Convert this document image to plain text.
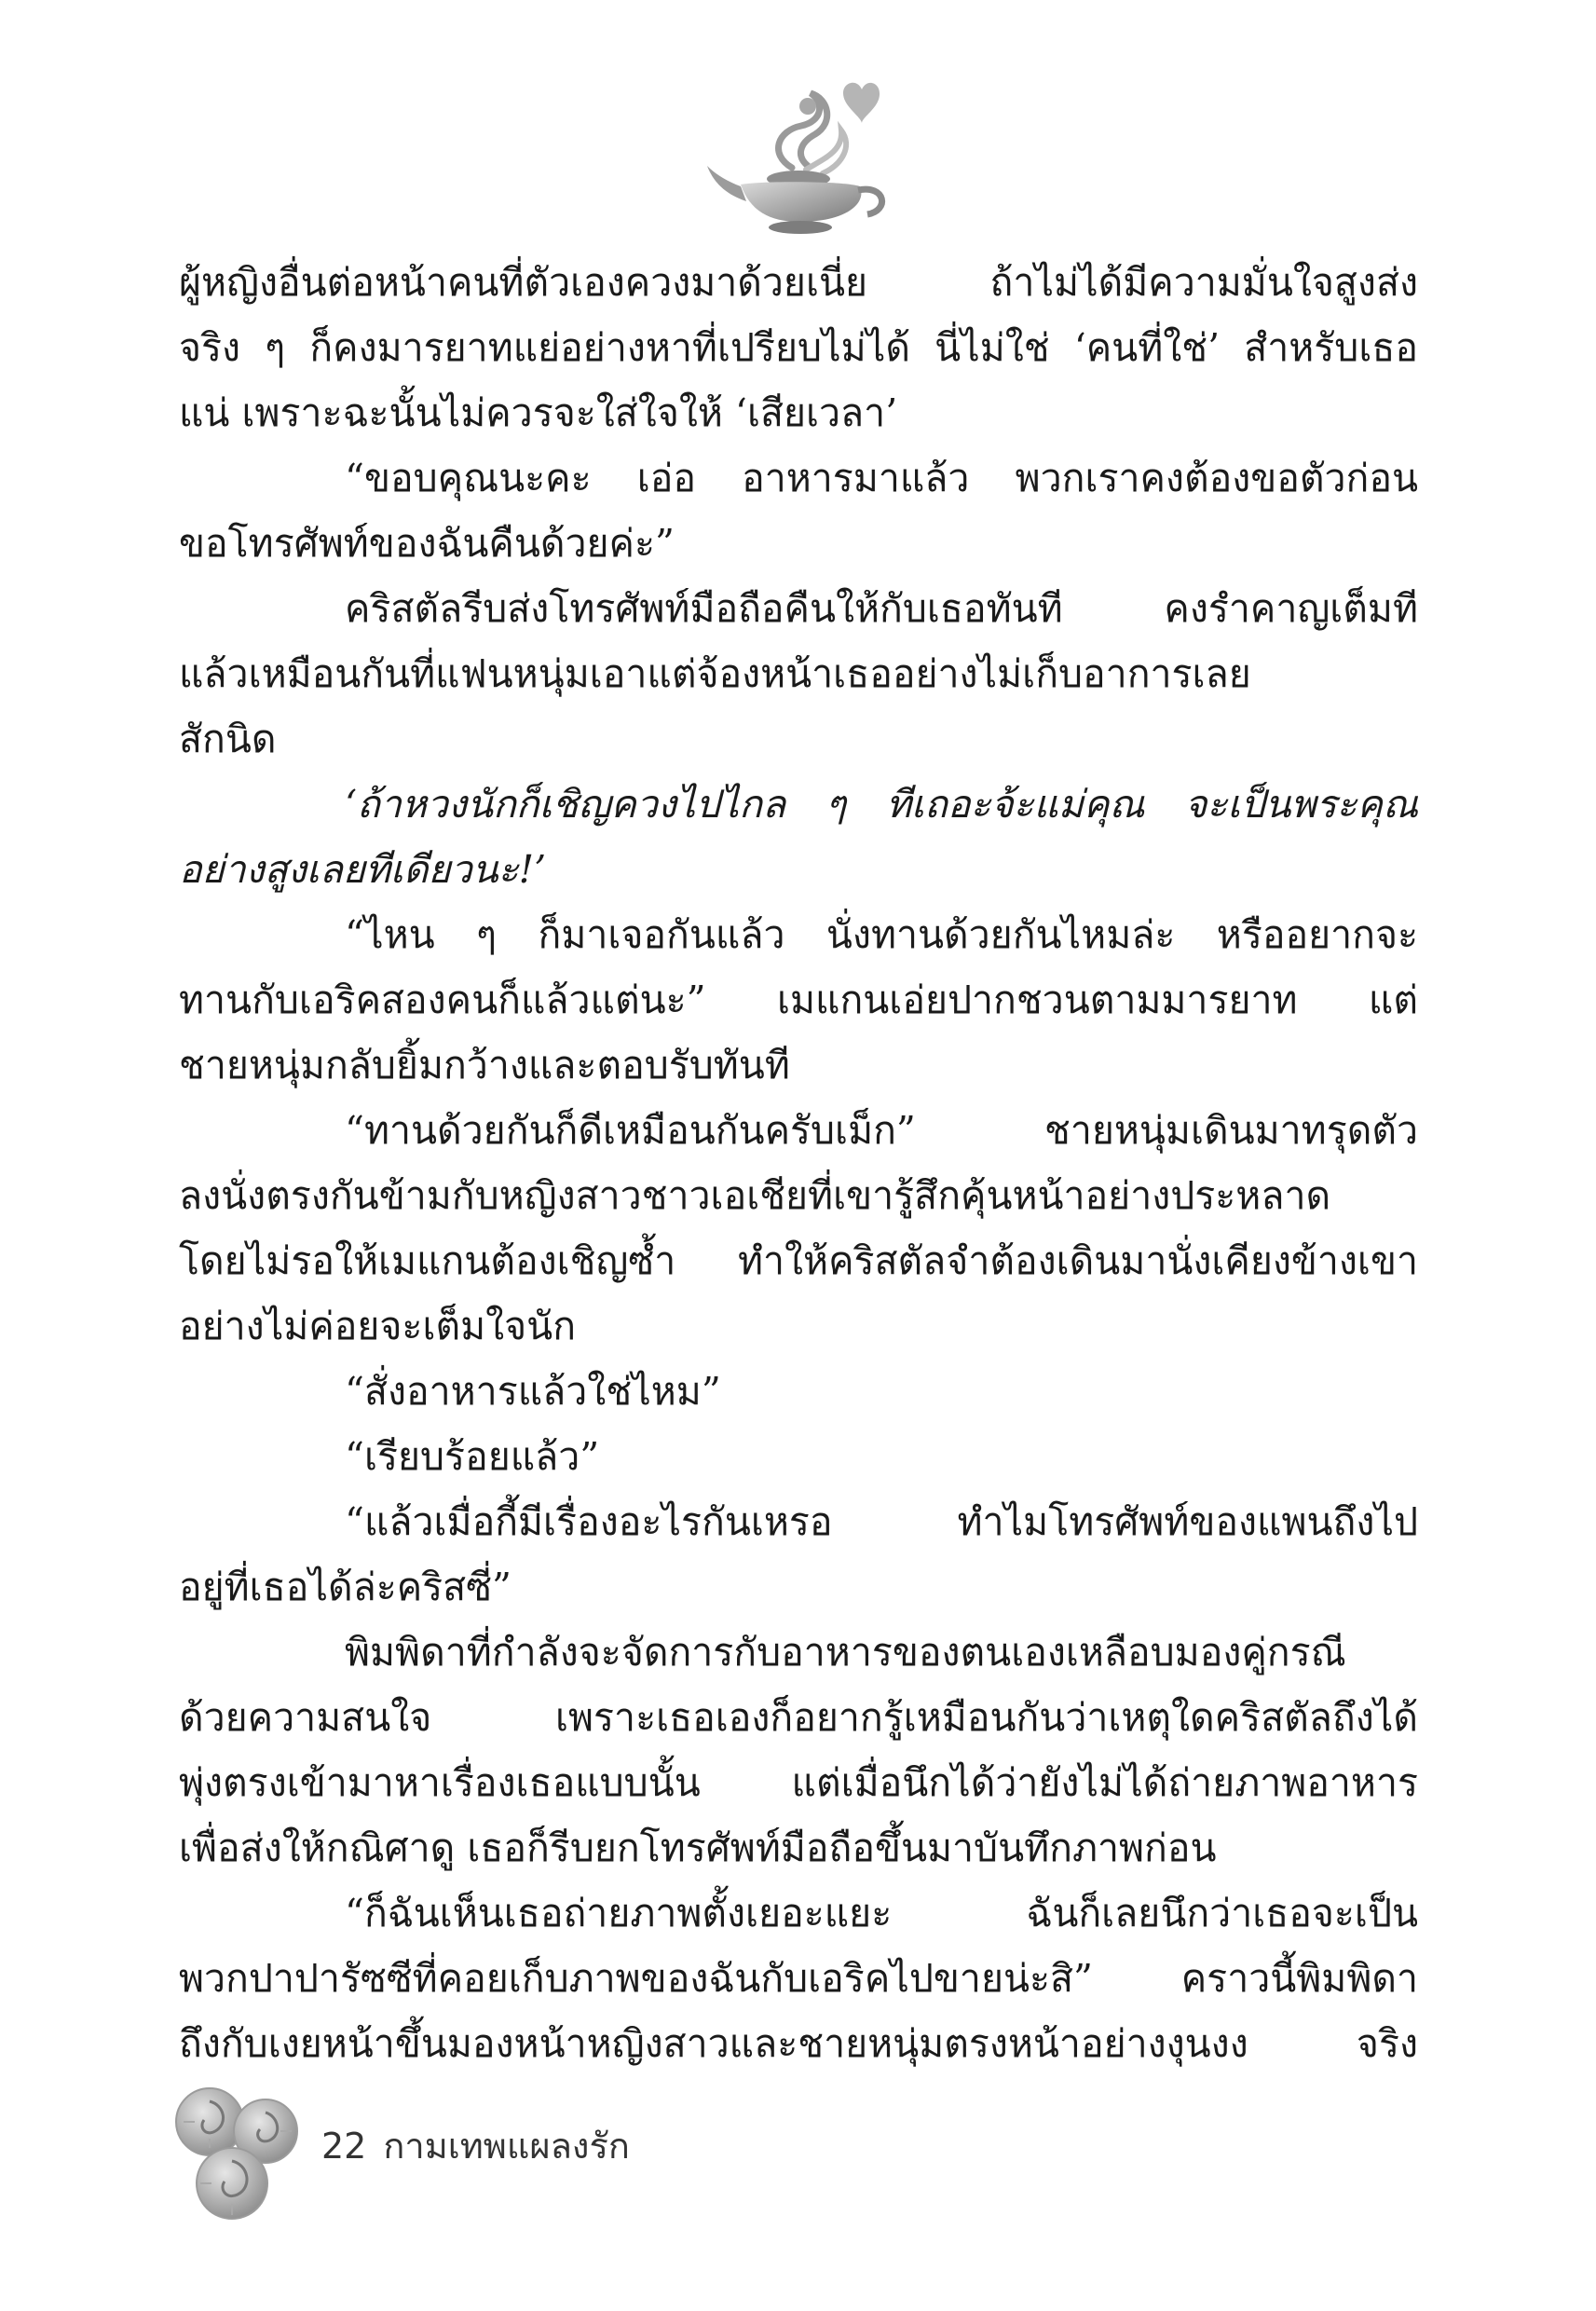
ผู้หญิงอื่นต่อหน้าคนที่ตัวเองควงมาด้วยเนี่ย ถ้าไม่ได้มีความมั่นใจสูงส่ง
จริง ๆ ก็คงมารยาทแย่อย่างหาที่เปรียบไม่ได้ นี่ไม่ใช่ ‘คนที่ใช่’ สำหรับเธอ
แน่ เพราะฉะนั้นไม่ควรจะใส่ใจให้ ‘เสียเวลา’
“ขอบคุณนะคะ เอ่อ อาหารมาแล้ว พวกเราคงต้องขอตัวก่อน
ขอโทรศัพท์ของฉันคืนด้วยค่ะ”
คริสตัลรีบส่งโทรศัพท์มือถือคืนให้กับเธอทันที คงรำคาญเต็มที
แล้วเหมือนกันที่แฟนหนุ่มเอาแต่จ้องหน้าเธออย่างไม่เก็บอาการเลย
สักนิด
‘ถ้าหวงนักก็เชิญควงไปไกล ๆ ทีเถอะจ้ะแม่คุณ จะเป็นพระคุณ
อย่างสูงเลยทีเดียวนะ!’
“ไหน ๆ ก็มาเจอกันแล้ว นั่งทานด้วยกันไหมล่ะ หรืออยากจะ
ทานกับเอริคสองคนก็แล้วแต่นะ” เมแกนเอ่ยปากชวนตามมารยาท แต่
ชายหนุ่มกลับยิ้มกว้างและตอบรับทันที
“ทานด้วยกันก็ดีเหมือนกันครับเม็ก” ชายหนุ่มเดินมาทรุดตัว
ลงนั่งตรงกันข้ามกับหญิงสาวชาวเอเชียที่เขารู้สึกคุ้นหน้าอย่างประหลาด
โดยไม่รอให้เมแกนต้องเชิญซ้ำ ทำให้คริสตัลจำต้องเดินมานั่งเคียงข้างเขา
อย่างไม่ค่อยจะเต็มใจนัก
“สั่งอาหารแล้วใช่ไหม”
“เรียบร้อยแล้ว”
“แล้วเมื่อกี้มีเรื่องอะไรกันเหรอ ทำไมโทรศัพท์ของแพนถึงไป
อยู่ที่เธอได้ล่ะคริสซี่”
พิมพิดาที่กำลังจะจัดการกับอาหารของตนเองเหลือบมองคู่กรณี
ด้วยความสนใจ เพราะเธอเองก็อยากรู้เหมือนกันว่าเหตุใดคริสตัลถึงได้
พุ่งตรงเข้ามาหาเรื่องเธอแบบนั้น แต่เมื่อนึกได้ว่ายังไม่ได้ถ่ายภาพอาหาร
เพื่อส่งให้กณิศาดู เธอก็รีบยกโทรศัพท์มือถือขึ้นมาบันทึกภาพก่อน
“ก็ฉันเห็นเธอถ่ายภาพตั้งเยอะแยะ ฉันก็เลยนึกว่าเธอจะเป็น
พวกปาปารัซซีที่คอยเก็บภาพของฉันกับเอริคไปขายน่ะสิ” คราวนี้พิมพิดา
ถึงกับเงยหน้าขึ้นมองหน้าหญิงสาวและชายหนุ่มตรงหน้าอย่างงุนงง จริง
22 กามเทพแผลงรัก
